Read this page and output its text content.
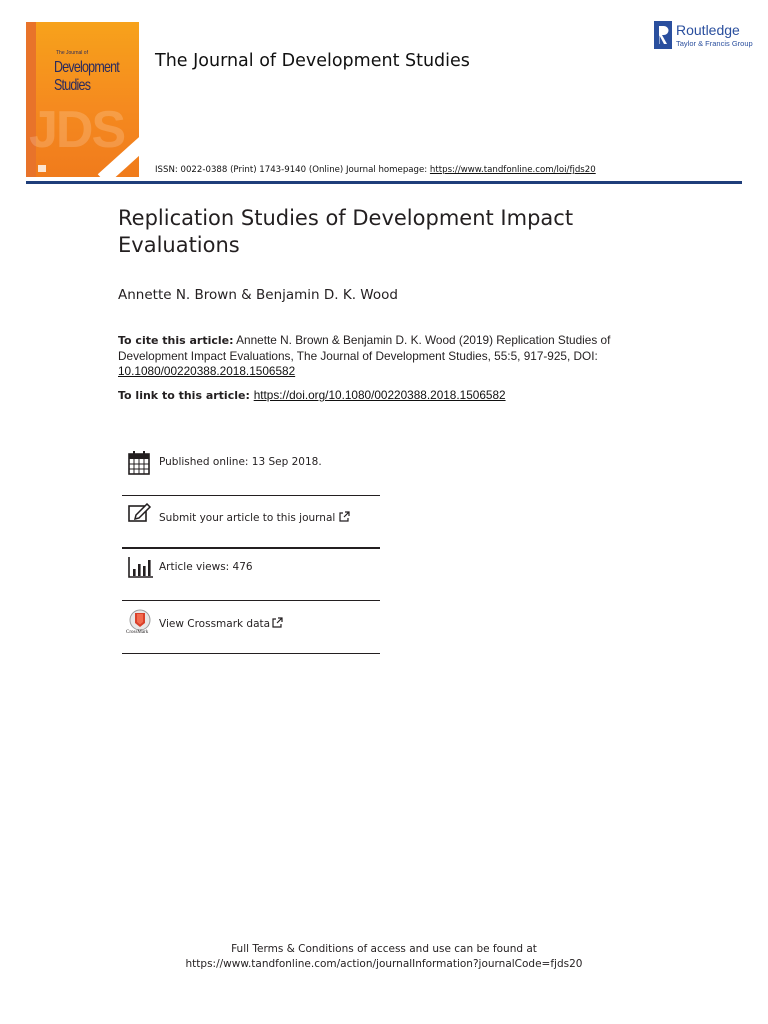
JDS
The Journal of
Development
Studies
The Journal of Development Studies
Routledge
Taylor & Francis Group
ISSN: 0022-0388 (Print) 1743-9140 (Online) Journal homepage: https://www.tandfonline.com/loi/fjds20
Replication Studies of Development Impact Evaluations
Annette N. Brown & Benjamin D. K. Wood
To cite this article: Annette N. Brown & Benjamin D. K. Wood (2019) Replication Studies of Development Impact Evaluations, The Journal of Development Studies, 55:5, 917-925, DOI: 10.1080/00220388.2018.1506582
To link to this article: https://doi.org/10.1080/00220388.2018.1506582
Published online: 13 Sep 2018.
Submit your article to this journal
Article views: 476
CrossMark
View Crossmark data
Full Terms & Conditions of access and use can be found at
https://www.tandfonline.com/action/journalInformation?journalCode=fjds20
